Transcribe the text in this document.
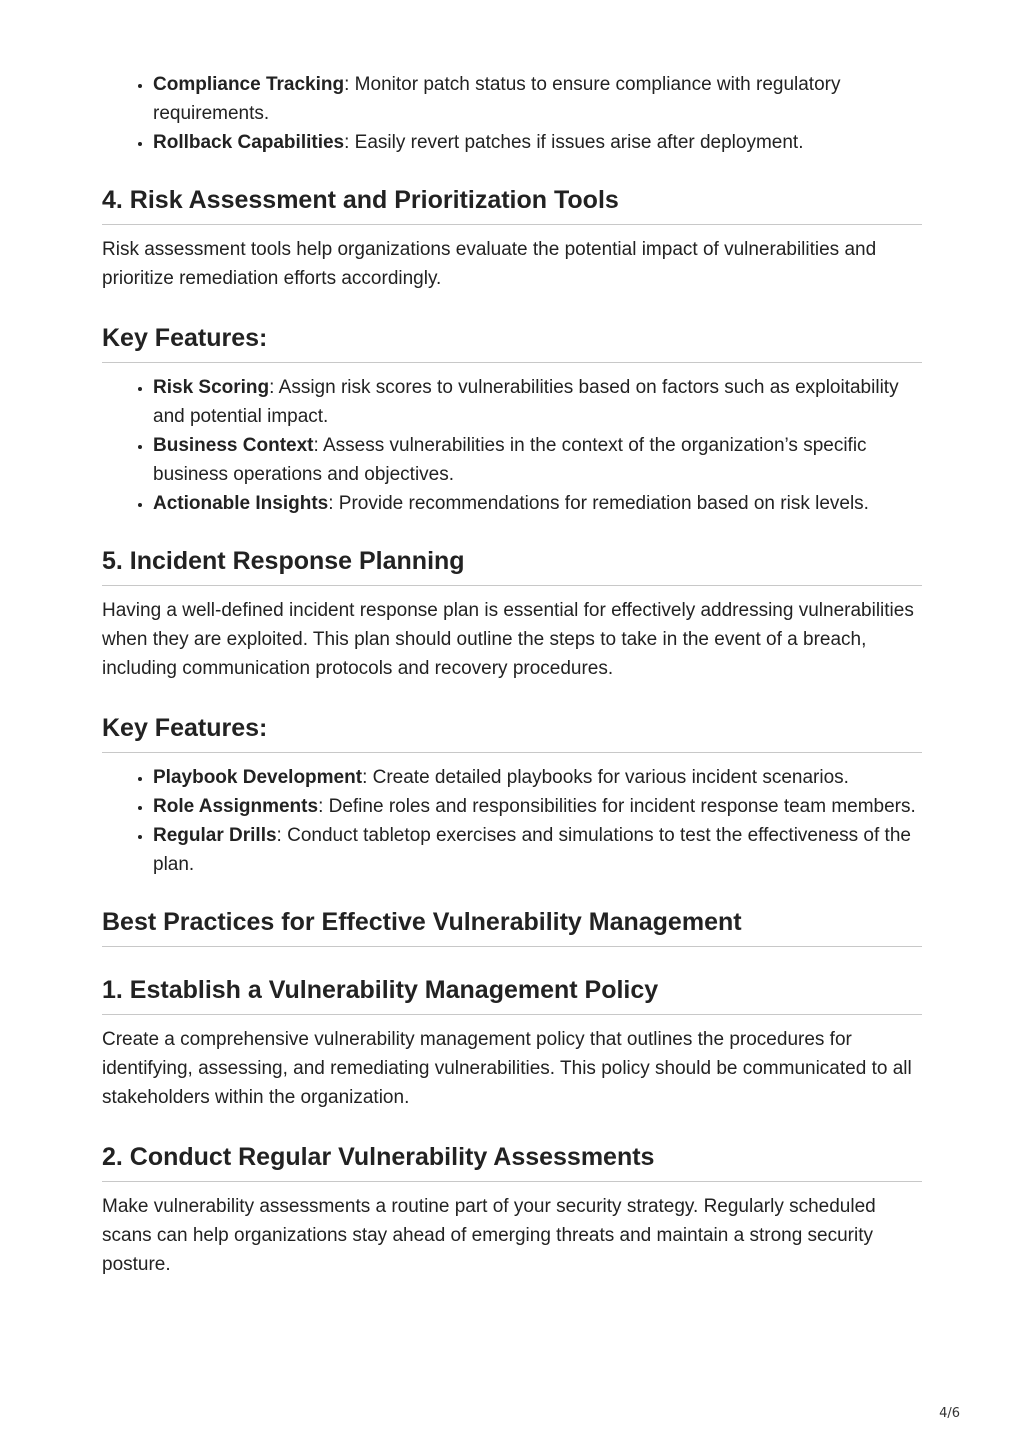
• Compliance Tracking: Monitor patch status to ensure compliance with regulatory requirements.
• Rollback Capabilities: Easily revert patches if issues arise after deployment.
4. Risk Assessment and Prioritization Tools

Risk assessment tools help organizations evaluate the potential impact of vulnerabilities and prioritize remediation efforts accordingly.

Key Features:
• Risk Scoring: Assign risk scores to vulnerabilities based on factors such as exploitability and potential impact.
• Business Context: Assess vulnerabilities in the context of the organization’s specific business operations and objectives.
• Actionable Insights: Provide recommendations for remediation based on risk levels.
5. Incident Response Planning

Having a well-defined incident response plan is essential for effectively addressing vulnerabilities when they are exploited. This plan should outline the steps to take in the event of a breach, including communication protocols and recovery procedures.

Key Features:
• Playbook Development: Create detailed playbooks for various incident scenarios.
• Role Assignments: Define roles and responsibilities for incident response team members.
• Regular Drills: Conduct tabletop exercises and simulations to test the effectiveness of the plan.
Best Practices for Effective Vulnerability Management
1. Establish a Vulnerability Management Policy

Create a comprehensive vulnerability management policy that outlines the procedures for identifying, assessing, and remediating vulnerabilities. This policy should be communicated to all stakeholders within the organization.

2. Conduct Regular Vulnerability Assessments

Make vulnerability assessments a routine part of your security strategy. Regularly scheduled scans can help organizations stay ahead of emerging threats and maintain a strong security posture.

4/6
